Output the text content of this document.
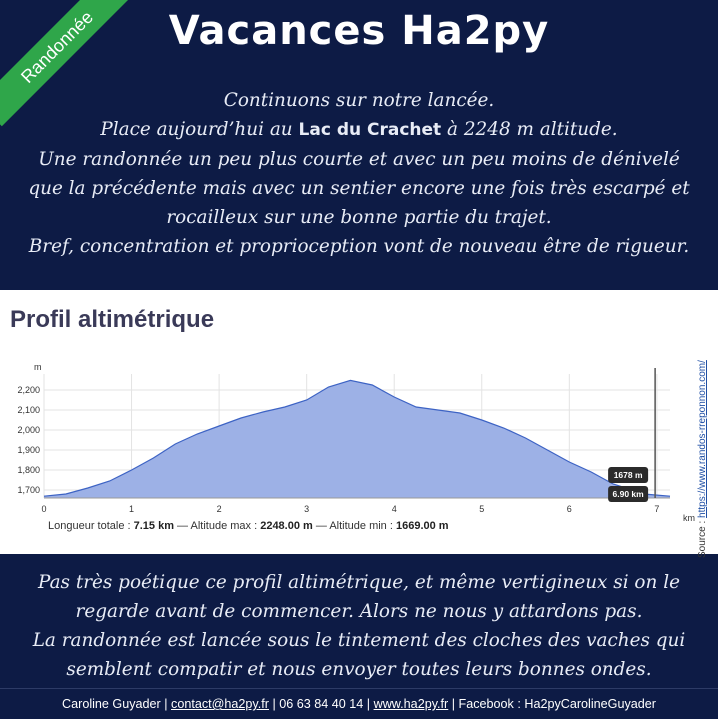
Randonnée	Vacances Ha2py
Continuons sur notre lancée.
Place aujourd’hui au Lac du Crachet à 2248 m altitude.
Une randonnée un peu plus courte et avec un peu moins de dénivelé
que la précédente mais avec un sentier encore une fois très escarpé et
rocailleux sur une bonne partie du trajet.
Bref, concentration et proprioception vont de nouveau être de rigueur.
Profil altimétrique
m
km
1,700
1,800
1,900
2,000
2,100
2,200
0	1	2	3	4	5	6	7
1678 m
6.90 km
Longueur totale : 7.15 km — Altitude max : 2248.00 m — Altitude min : 1669.00 m	Source : https://www.randos-rreponnon.com/
Pas très poétique ce profil altimétrique, et même vertigineux si on le
regarde avant de commencer. Alors ne nous y attardons pas.
La randonnée est lancée sous le tintement des cloches des vaches qui
semblent compatir et nous envoyer toutes leurs bonnes ondes.
Caroline Guyader | contact@ha2py.fr | 06 63 84 40 14 | www.ha2py.fr | Facebook : Ha2pyCarolineGuyader
